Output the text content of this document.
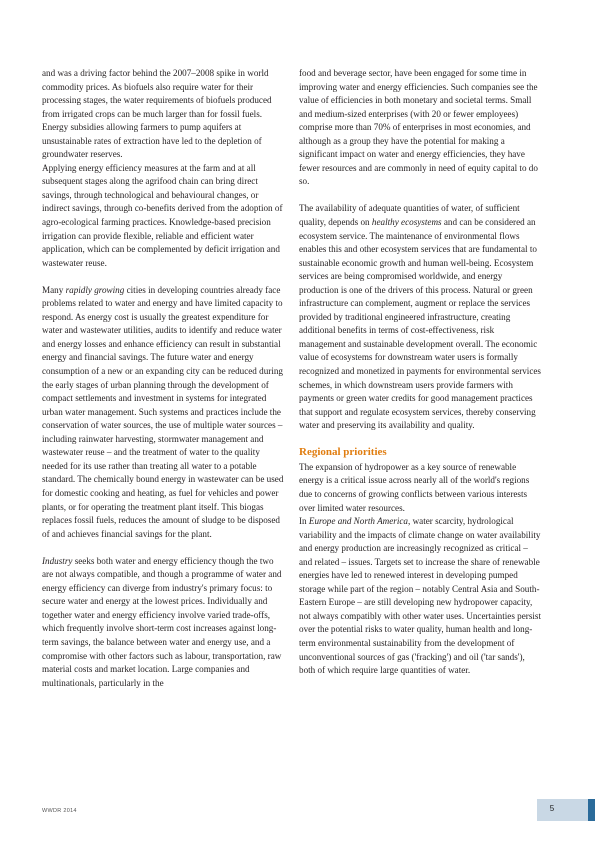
and was a driving factor behind the 2007–2008 spike in world commodity prices. As biofuels also require water for their processing stages, the water requirements of biofuels produced from irrigated crops can be much larger than for fossil fuels. Energy subsidies allowing farmers to pump aquifers at unsustainable rates of extraction have led to the depletion of groundwater reserves.

Applying energy efficiency measures at the farm and at all subsequent stages along the agrifood chain can bring direct savings, through technological and behavioural changes, or indirect savings, through co-benefits derived from the adoption of agro-ecological farming practices. Knowledge-based precision irrigation can provide flexible, reliable and efficient water application, which can be complemented by deficit irrigation and wastewater reuse.

Many rapidly growing cities in developing countries already face problems related to water and energy and have limited capacity to respond. As energy cost is usually the greatest expenditure for water and wastewater utilities, audits to identify and reduce water and energy losses and enhance efficiency can result in substantial energy and financial savings. The future water and energy consumption of a new or an expanding city can be reduced during the early stages of urban planning through the development of compact settlements and investment in systems for integrated urban water management. Such systems and practices include the conservation of water sources, the use of multiple water sources – including rainwater harvesting, stormwater management and wastewater reuse – and the treatment of water to the quality needed for its use rather than treating all water to a potable standard. The chemically bound energy in wastewater can be used for domestic cooking and heating, as fuel for vehicles and power plants, or for operating the treatment plant itself. This biogas replaces fossil fuels, reduces the amount of sludge to be disposed of and achieves financial savings for the plant.

Industry seeks both water and energy efficiency though the two are not always compatible, and though a programme of water and energy efficiency can diverge from industry's primary focus: to secure water and energy at the lowest prices. Individually and together water and energy efficiency involve varied trade-offs, which frequently involve short-term cost increases against long-term savings, the balance between water and energy use, and a compromise with other factors such as labour, transportation, raw material costs and market location. Large companies and multinationals, particularly in the

food and beverage sector, have been engaged for some time in improving water and energy efficiencies. Such companies see the value of efficiencies in both monetary and societal terms. Small and medium-sized enterprises (with 20 or fewer employees) comprise more than 70% of enterprises in most economies, and although as a group they have the potential for making a significant impact on water and energy efficiencies, they have fewer resources and are commonly in need of equity capital to do so.

The availability of adequate quantities of water, of sufficient quality, depends on healthy ecosystems and can be considered an ecosystem service. The maintenance of environmental flows enables this and other ecosystem services that are fundamental to sustainable economic growth and human well-being. Ecosystem services are being compromised worldwide, and energy production is one of the drivers of this process. Natural or green infrastructure can complement, augment or replace the services provided by traditional engineered infrastructure, creating additional benefits in terms of cost-effectiveness, risk management and sustainable development overall. The economic value of ecosystems for downstream water users is formally recognized and monetized in payments for environmental services schemes, in which downstream users provide farmers with payments or green water credits for good management practices that support and regulate ecosystem services, thereby conserving water and preserving its availability and quality.

Regional priorities

The expansion of hydropower as a key source of renewable energy is a critical issue across nearly all of the world's regions due to concerns of growing conflicts between various interests over limited water resources.

In Europe and North America, water scarcity, hydrological variability and the impacts of climate change on water availability and energy production are increasingly recognized as critical – and related – issues. Targets set to increase the share of renewable energies have led to renewed interest in developing pumped storage while part of the region – notably Central Asia and South-Eastern Europe – are still developing new hydropower capacity, not always compatibly with other water uses. Uncertainties persist over the potential risks to water quality, human health and long-term environmental sustainability from the development of unconventional sources of gas ('fracking') and oil ('tar sands'), both of which require large quantities of water.

WWDR 2014	5
